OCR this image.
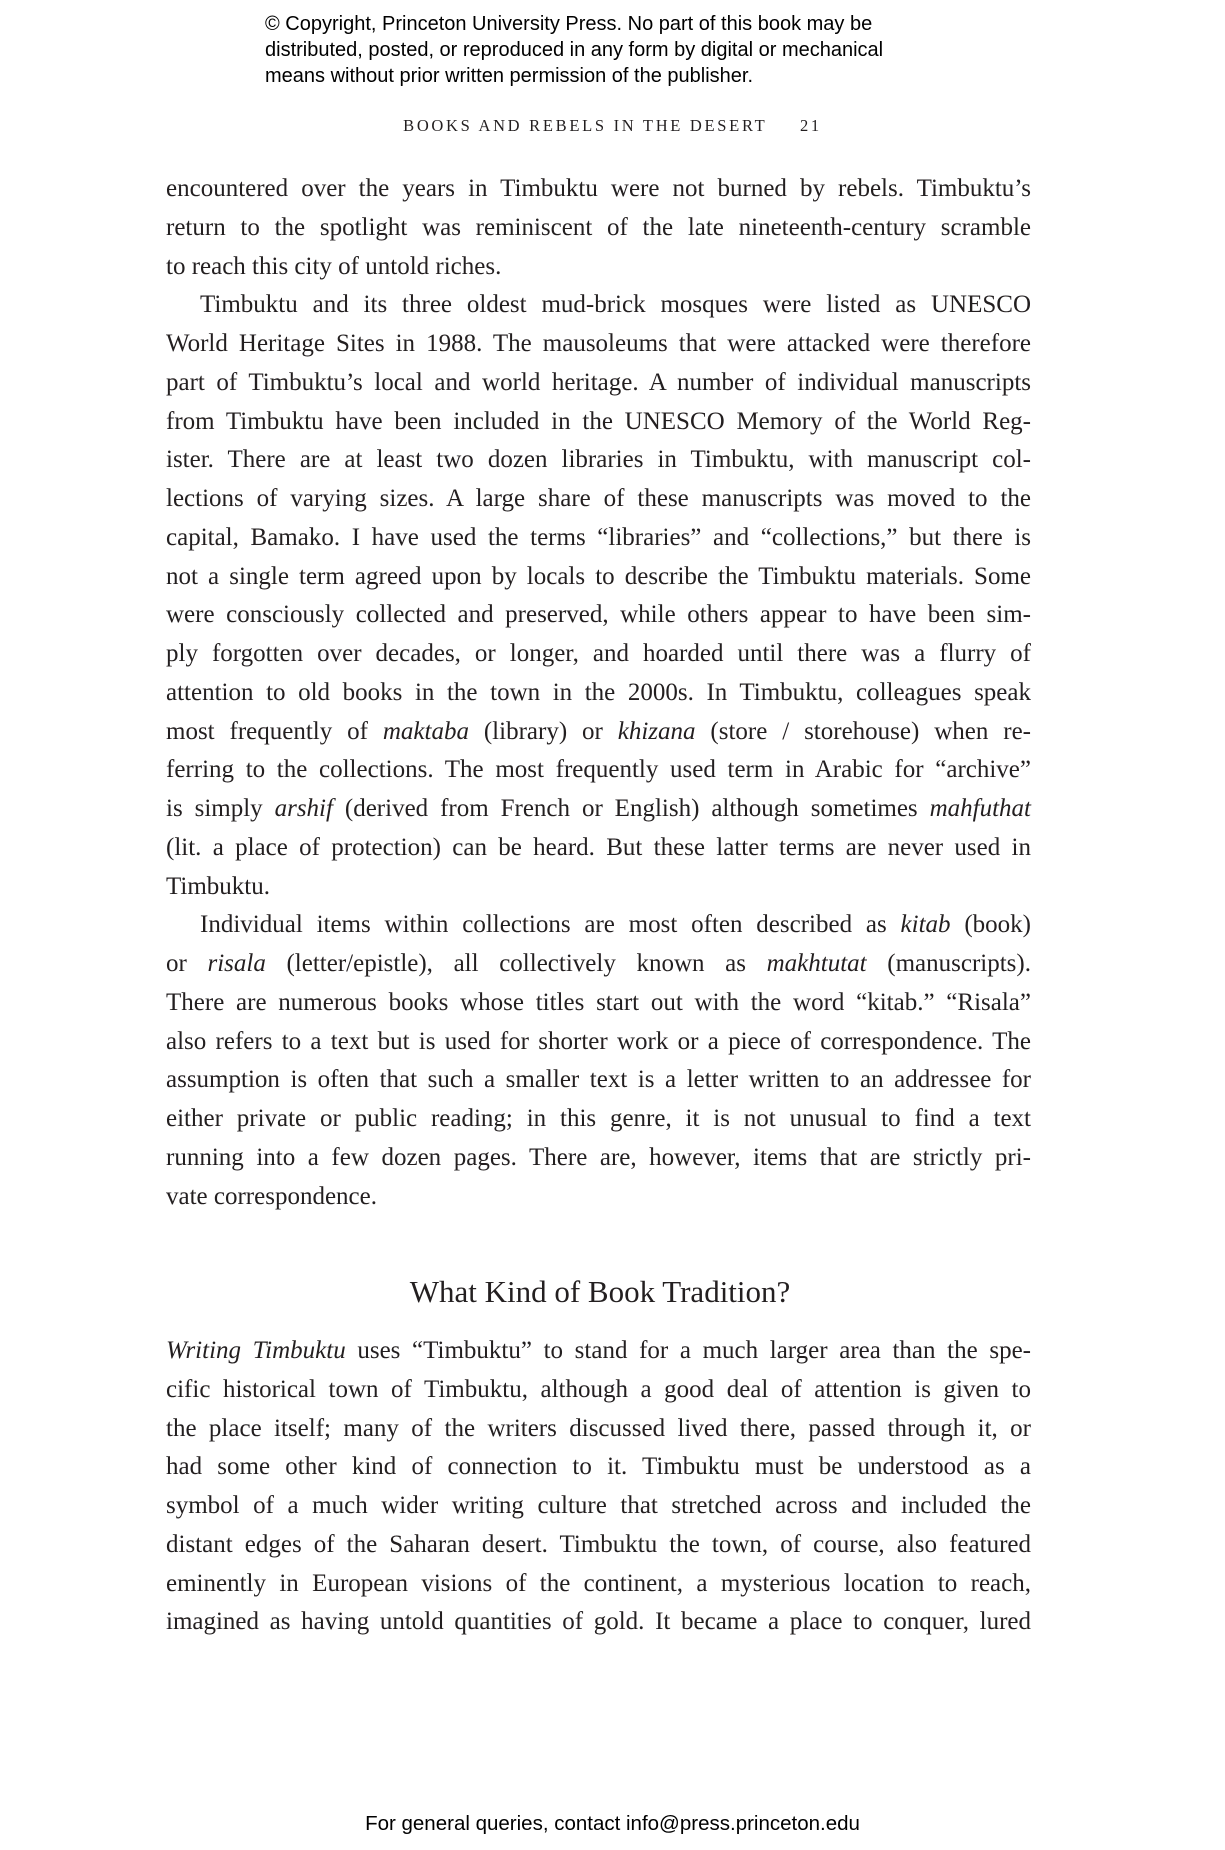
© Copyright, Princeton University Press. No part of this book may be
distributed, posted, or reproduced in any form by digital or mechanical
means without prior written permission of the publisher.
BOOKS AND REBELS IN THE DESERT 21
encountered over the years in Timbuktu were not burned by rebels. Timbuktu’s
return to the spotlight was reminiscent of the late nineteenth-century scramble
to reach this city of untold riches.
Timbuktu and its three oldest mud-brick mosques were listed as UNESCO
World Heritage Sites in 1988. The mausoleums that were attacked were therefore
part of Timbuktu’s local and world heritage. A number of individual manuscripts
from Timbuktu have been included in the UNESCO Memory of the World Reg-
ister. There are at least two dozen libraries in Timbuktu, with manuscript col-
lections of varying sizes. A large share of these manuscripts was moved to the
capital, Bamako. I have used the terms “libraries” and “collections,” but there is
not a single term agreed upon by locals to describe the Timbuktu materials. Some
were consciously collected and preserved, while others appear to have been sim-
ply forgotten over decades, or longer, and hoarded until there was a flurry of
attention to old books in the town in the 2000s. In Timbuktu, colleagues speak
most frequently of maktaba (library) or khizana (store / storehouse) when re-
ferring to the collections. The most frequently used term in Arabic for “archive”
is simply arshif (derived from French or English) although sometimes mahfuthat
(lit. a place of protection) can be heard. But these latter terms are never used in
Timbuktu.
Individual items within collections are most often described as kitab (book)
or risala (letter/epistle), all collectively known as makhtutat (manuscripts).
There are numerous books whose titles start out with the word “kitab.” “Risala”
also refers to a text but is used for shorter work or a piece of correspondence. The
assumption is often that such a smaller text is a letter written to an addressee for
either private or public reading; in this genre, it is not unusual to find a text
running into a few dozen pages. There are, however, items that are strictly pri-
vate correspondence.
What Kind of Book Tradition?
Writing Timbuktu uses “Timbuktu” to stand for a much larger area than the spe-
cific historical town of Timbuktu, although a good deal of attention is given to
the place itself; many of the writers discussed lived there, passed through it, or
had some other kind of connection to it. Timbuktu must be understood as a
symbol of a much wider writing culture that stretched across and included the
distant edges of the Saharan desert. Timbuktu the town, of course, also featured
eminently in European visions of the continent, a mysterious location to reach,
imagined as having untold quantities of gold. It became a place to conquer, lured
For general queries, contact info@press.princeton.edu
